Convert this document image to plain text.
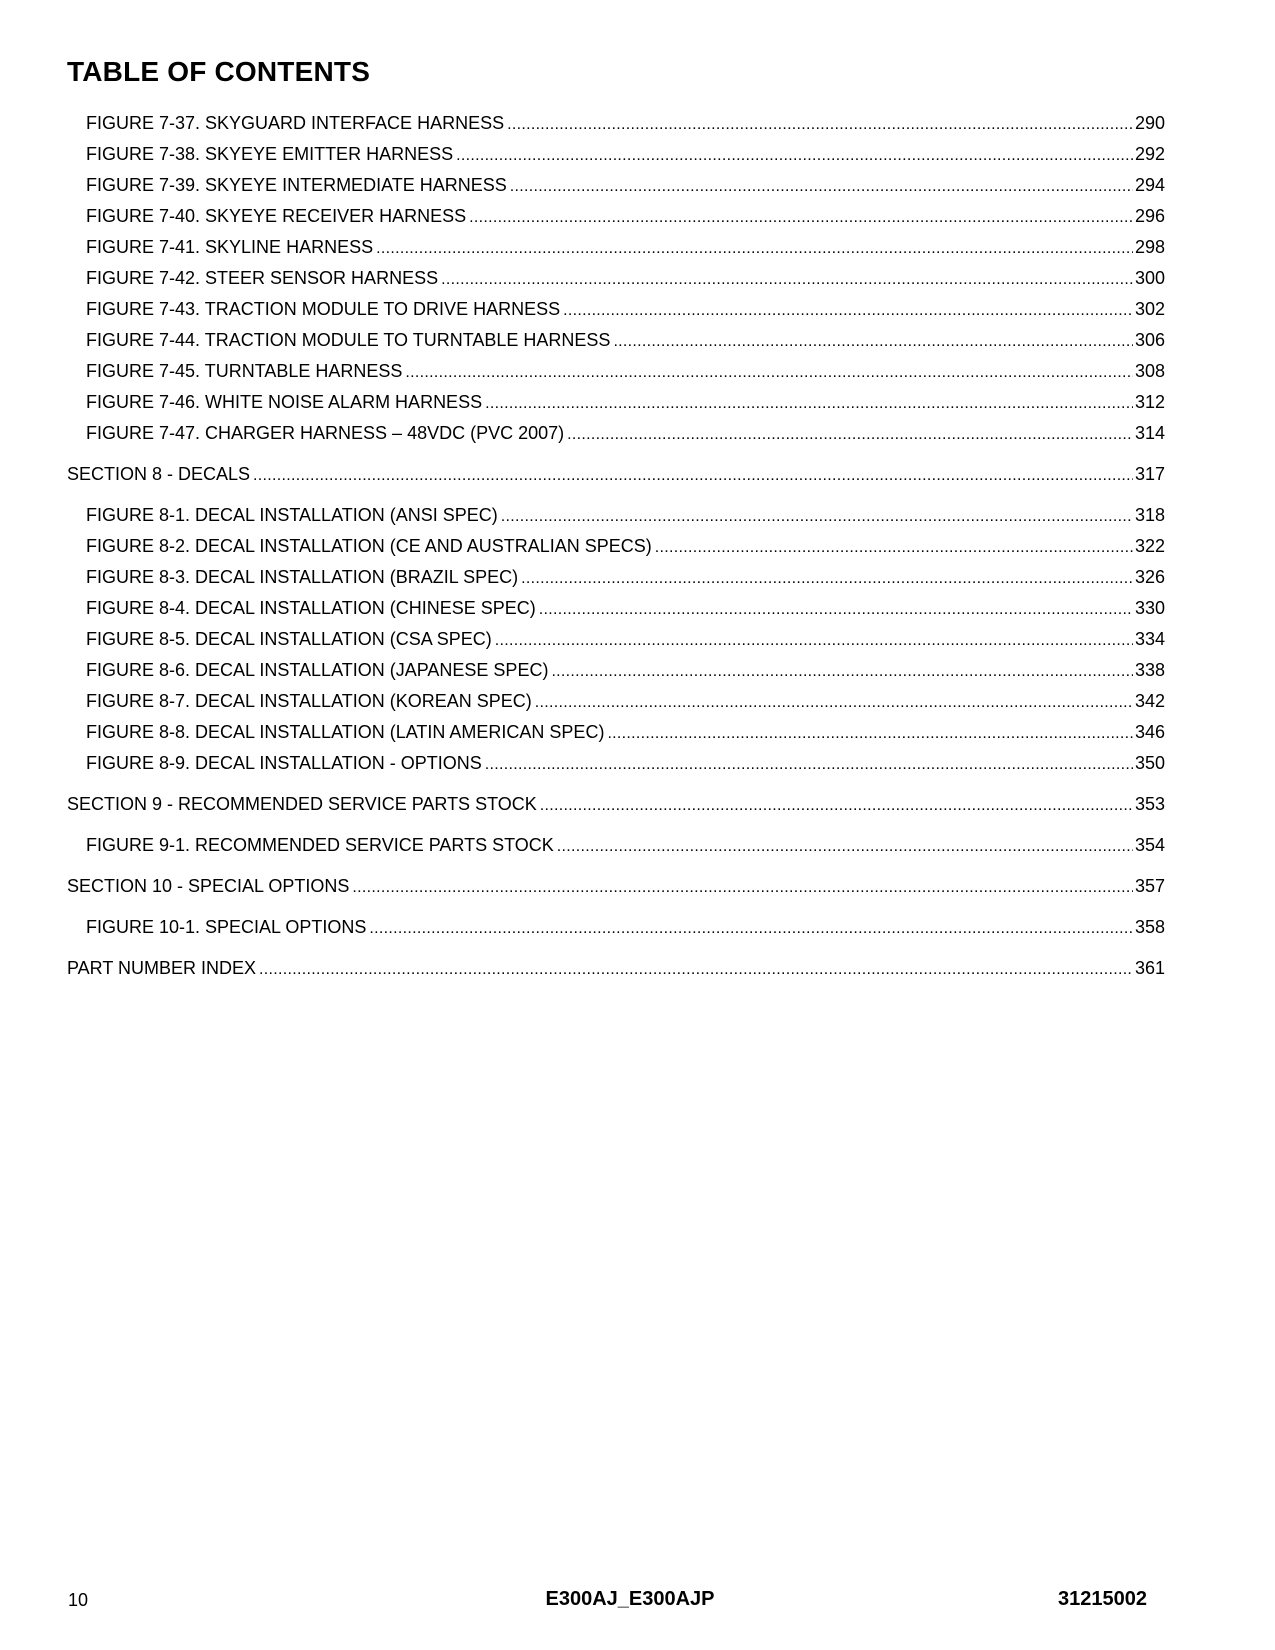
TABLE OF CONTENTS
FIGURE 7-37. SKYGUARD INTERFACE HARNESS .....	290
FIGURE 7-38. SKYEYE EMITTER HARNESS .....	292
FIGURE 7-39. SKYEYE INTERMEDIATE HARNESS .....	294
FIGURE 7-40. SKYEYE RECEIVER HARNESS .....	296
FIGURE 7-41. SKYLINE HARNESS .....	298
FIGURE 7-42. STEER SENSOR HARNESS .....	300
FIGURE 7-43. TRACTION MODULE TO DRIVE HARNESS .....	302
FIGURE 7-44. TRACTION MODULE TO TURNTABLE HARNESS .....	306
FIGURE 7-45. TURNTABLE HARNESS .....	308
FIGURE 7-46. WHITE NOISE ALARM HARNESS .....	312
FIGURE 7-47. CHARGER HARNESS – 48VDC (PVC 2007) .....	314
SECTION 8 - DECALS .....	317
FIGURE 8-1. DECAL INSTALLATION (ANSI SPEC) .....	318
FIGURE 8-2. DECAL INSTALLATION (CE AND AUSTRALIAN SPECS) .....	322
FIGURE 8-3. DECAL INSTALLATION (BRAZIL SPEC) .....	326
FIGURE 8-4. DECAL INSTALLATION (CHINESE SPEC) .....	330
FIGURE 8-5. DECAL INSTALLATION (CSA SPEC) .....	334
FIGURE 8-6. DECAL INSTALLATION (JAPANESE SPEC) .....	338
FIGURE 8-7. DECAL INSTALLATION (KOREAN SPEC) .....	342
FIGURE 8-8. DECAL INSTALLATION (LATIN AMERICAN SPEC) .....	346
FIGURE 8-9. DECAL INSTALLATION - OPTIONS .....	350
SECTION 9 - RECOMMENDED SERVICE PARTS STOCK .....	353
FIGURE 9-1. RECOMMENDED SERVICE PARTS STOCK .....	354
SECTION 10 - SPECIAL OPTIONS .....	357
FIGURE 10-1. SPECIAL OPTIONS .....	358
PART NUMBER INDEX .....	361
10	E300AJ_E300AJP	31215002
